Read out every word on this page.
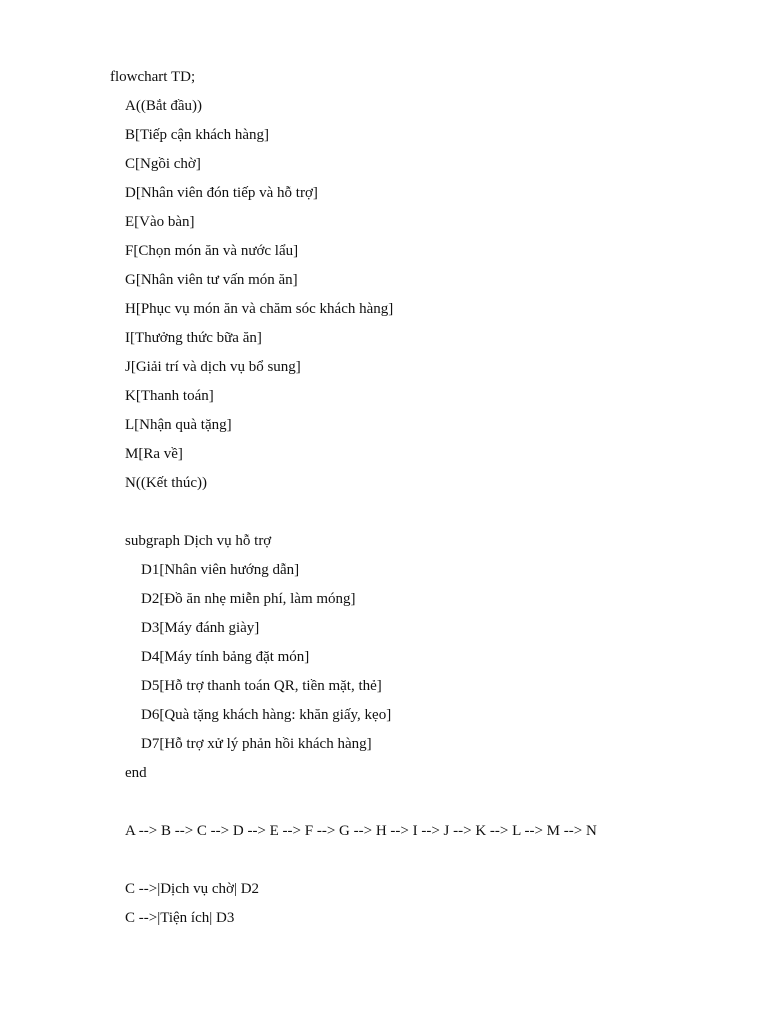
flowchart TD;
A((Bắt đầu))
B[Tiếp cận khách hàng]
C[Ngồi chờ]
D[Nhân viên đón tiếp và hỗ trợ]
E[Vào bàn]
F[Chọn món ăn và nước lẩu]
G[Nhân viên tư vấn món ăn]
H[Phục vụ món ăn và chăm sóc khách hàng]
I[Thưởng thức bữa ăn]
J[Giải trí và dịch vụ bổ sung]
K[Thanh toán]
L[Nhận quà tặng]
M[Ra về]
N((Kết thúc))
subgraph Dịch vụ hỗ trợ
D1[Nhân viên hướng dẫn]
D2[Đồ ăn nhẹ miễn phí, làm móng]
D3[Máy đánh giày]
D4[Máy tính bảng đặt món]
D5[Hỗ trợ thanh toán QR, tiền mặt, thẻ]
D6[Quà tặng khách hàng: khăn giấy, kẹo]
D7[Hỗ trợ xử lý phản hồi khách hàng]
end
A --> B --> C --> D --> E --> F --> G --> H --> I --> J --> K --> L --> M --> N
C -->|Dịch vụ chờ| D2
C -->|Tiện ích| D3
